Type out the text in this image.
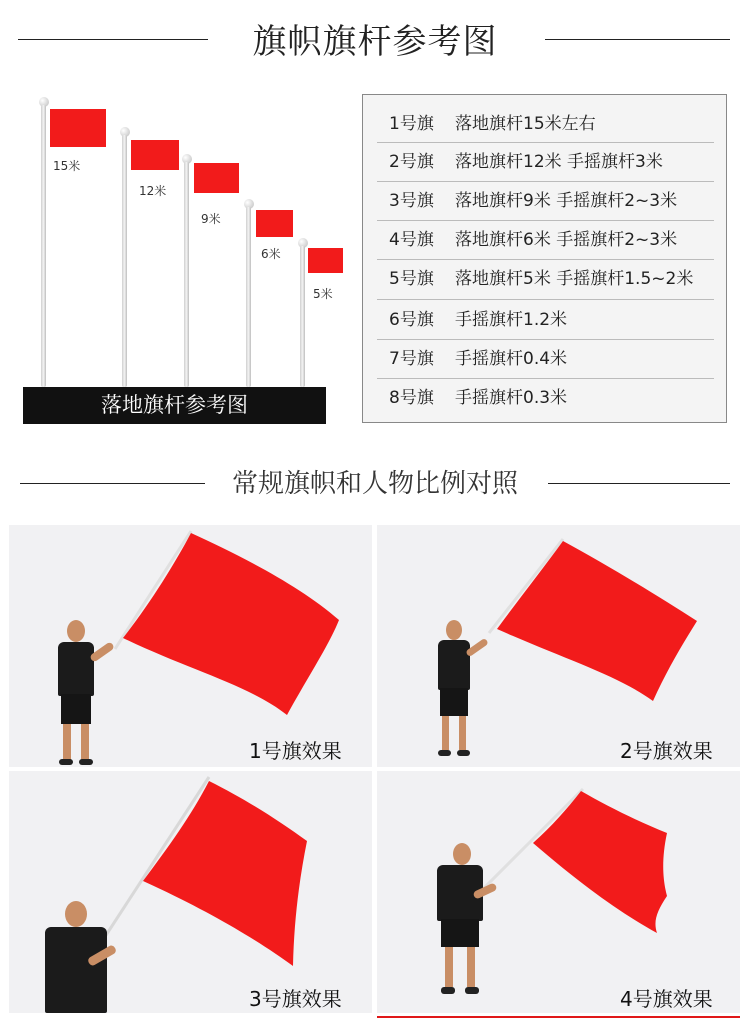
旗帜旗杆参考图
15米
12米
9米
6米
5米
落地旗杆参考图
1号旗 落地旗杆15米左右
2号旗 落地旗杆12米 手摇旗杆3米
3号旗 落地旗杆9米 手摇旗杆2~3米
4号旗 落地旗杆6米 手摇旗杆2~3米
5号旗 落地旗杆5米 手摇旗杆1.5~2米
6号旗 手摇旗杆1.2米
7号旗 手摇旗杆0.4米
8号旗 手摇旗杆0.3米
常规旗帜和人物比例对照
1号旗效果	2号旗效果
3号旗效果	4号旗效果
